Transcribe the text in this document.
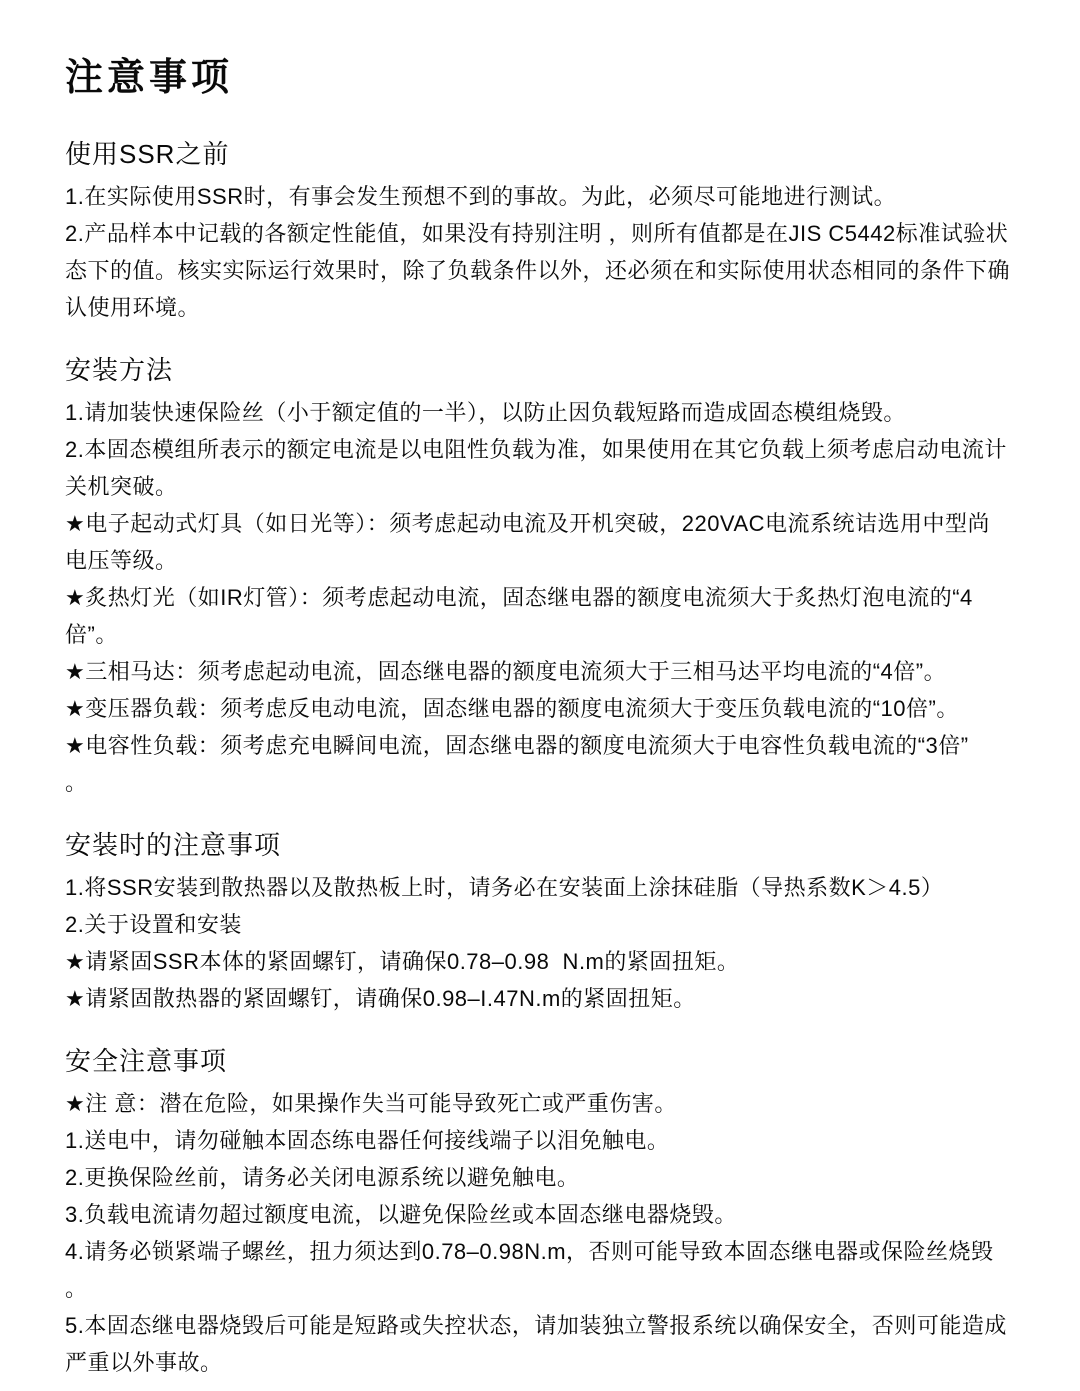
注意事项
使用SSR之前
1.在实际使用SSR时，有事会发生预想不到的事故。为此，必须尽可能地进行测试。
2.产品样本中记载的各额定性能值，如果没有持别注明 ，则所有值都是在JIS C5442标准试验状
态下的值。核实实际运行效果时，除了负载条件以外，还必须在和实际使用状态相同的条件下确
认使用环境。
安装方法
1.请加装快速保险丝（小于额定值的一半），以防止因负载短路而造成固态模组烧毁。
2.本固态模组所表示的额定电流是以电阻性负载为准，如果使用在其它负载上须考虑启动电流计
关机突破。
★电子起动式灯具（如日光等）：须考虑起动电流及开机突破，220VAC电流系统诘选用中型尚
电压等级。
★炙热灯光（如IR灯管）：须考虑起动电流，固态继电器的额度电流须大于炙热灯泡电流的“4
倍”。
★三相马达：须考虑起动电流，固态继电器的额度电流须大于三相马达平均电流的“4倍”。
★变压器负载：须考虑反电动电流，固态继电器的额度电流须大于变压负载电流的“10倍”。
★电容性负载：须考虑充电瞬间电流，固态继电器的额度电流须大于电容性负载电流的“3倍”
。
安装时的注意事项
1.将SSR安装到散热器以及散热板上时，请务必在安装面上涂抹硅脂（导热系数K＞4.5）
2.关于设置和安装
★请紧固SSR本体的紧固螺钉，请确保0.78–0.98  N.m的紧固扭矩。
★请紧固散热器的紧固螺钉，请确保0.98–I.47N.m的紧固扭矩。
安全注意事项
★注 意：潜在危险，如果操作失当可能导致死亡或严重伤害。
1.送电中，请勿碰触本固态练电器任何接线端子以泪免触电。
2.更换保险丝前，请务必关闭电源系统以避免触电。
3.负载电流请勿超过额度电流，以避免保险丝或本固态继电器烧毁。
4.请务必锁紧端子螺丝，扭力须达到0.78–0.98N.m，否则可能导致本固态继电器或保险丝烧毁
。
5.本固态继电器烧毁后可能是短路或失控状态，请加装独立警报系统以确保安全，否则可能造成
严重以外事故。
